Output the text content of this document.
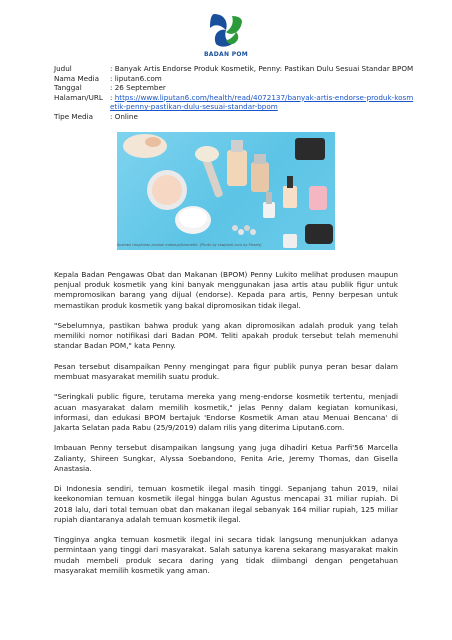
BADAN POM
Judul	: Banyak Artis Endorse Produk Kosmetik, Penny: Pastikan Dulu Sesuai Standar BPOM
Nama Media	: liputan6.com
Tanggal	: 26 September
Halaman/URL : https://www.liputan6.com/health/read/4072137/banyak-artis-endorse-produk-kosmetik-penny-pastikan-dulu-sesuai-standar-bpom
Tipe Media	: Online
Ilustrasi rangkaian produk makeup/kosmetik. (Photo by rawpixel.com by Pexels)

Kepala Badan Pengawas Obat dan Makanan (BPOM) Penny Lukito melihat produsen maupun penjual produk kosmetik yang kini banyak menggunakan jasa artis atau publik figur untuk mempromosikan barang yang dijual (endorse). Kepada para artis, Penny berpesan untuk memastikan produk kosmetik yang bakal dipromosikan tidak ilegal.

"Sebelumnya, pastikan bahwa produk yang akan dipromosikan adalah produk yang telah memiliki nomor notifikasi dari Badan POM. Teliti apakah produk tersebut telah memenuhi standar Badan POM," kata Penny.

Pesan tersebut disampaikan Penny mengingat para figur publik punya peran besar dalam membuat masyarakat memilih suatu produk.

"Seringkali public figure, terutama mereka yang meng-endorse kosmetik tertentu, menjadi acuan masyarakat dalam memilih kosmetik," jelas Penny dalam kegiatan komunikasi, informasi, dan edukasi BPOM bertajuk 'Endorse Kosmetik Aman atau Menuai Bencana' di Jakarta Selatan pada Rabu (25/9/2019) dalam rilis yang diterima Liputan6.com.

Imbauan Penny tersebut disampaikan langsung yang juga dihadiri Ketua Parfi'56 Marcella Zalianty, Shireen Sungkar, Alyssa Soebandono, Fenita Arie, Jeremy Thomas, dan Gisella Anastasia.

Di Indonesia sendiri, temuan kosmetik ilegal masih tinggi. Sepanjang tahun 2019, nilai keekonomian temuan kosmetik ilegal hingga bulan Agustus mencapai 31 miliar rupiah. Di 2018 lalu, dari total temuan obat dan makanan ilegal sebanyak 164 miliar rupiah, 125 miliar rupiah diantaranya adalah temuan kosmetik ilegal.

Tingginya angka temuan kosmetik ilegal ini secara tidak langsung menunjukkan adanya permintaan yang tinggi dari masyarakat. Salah satunya karena sekarang masyarakat makin mudah membeli produk secara daring yang tidak diimbangi dengan pengetahuan masyarakat memilih kosmetik yang aman.
